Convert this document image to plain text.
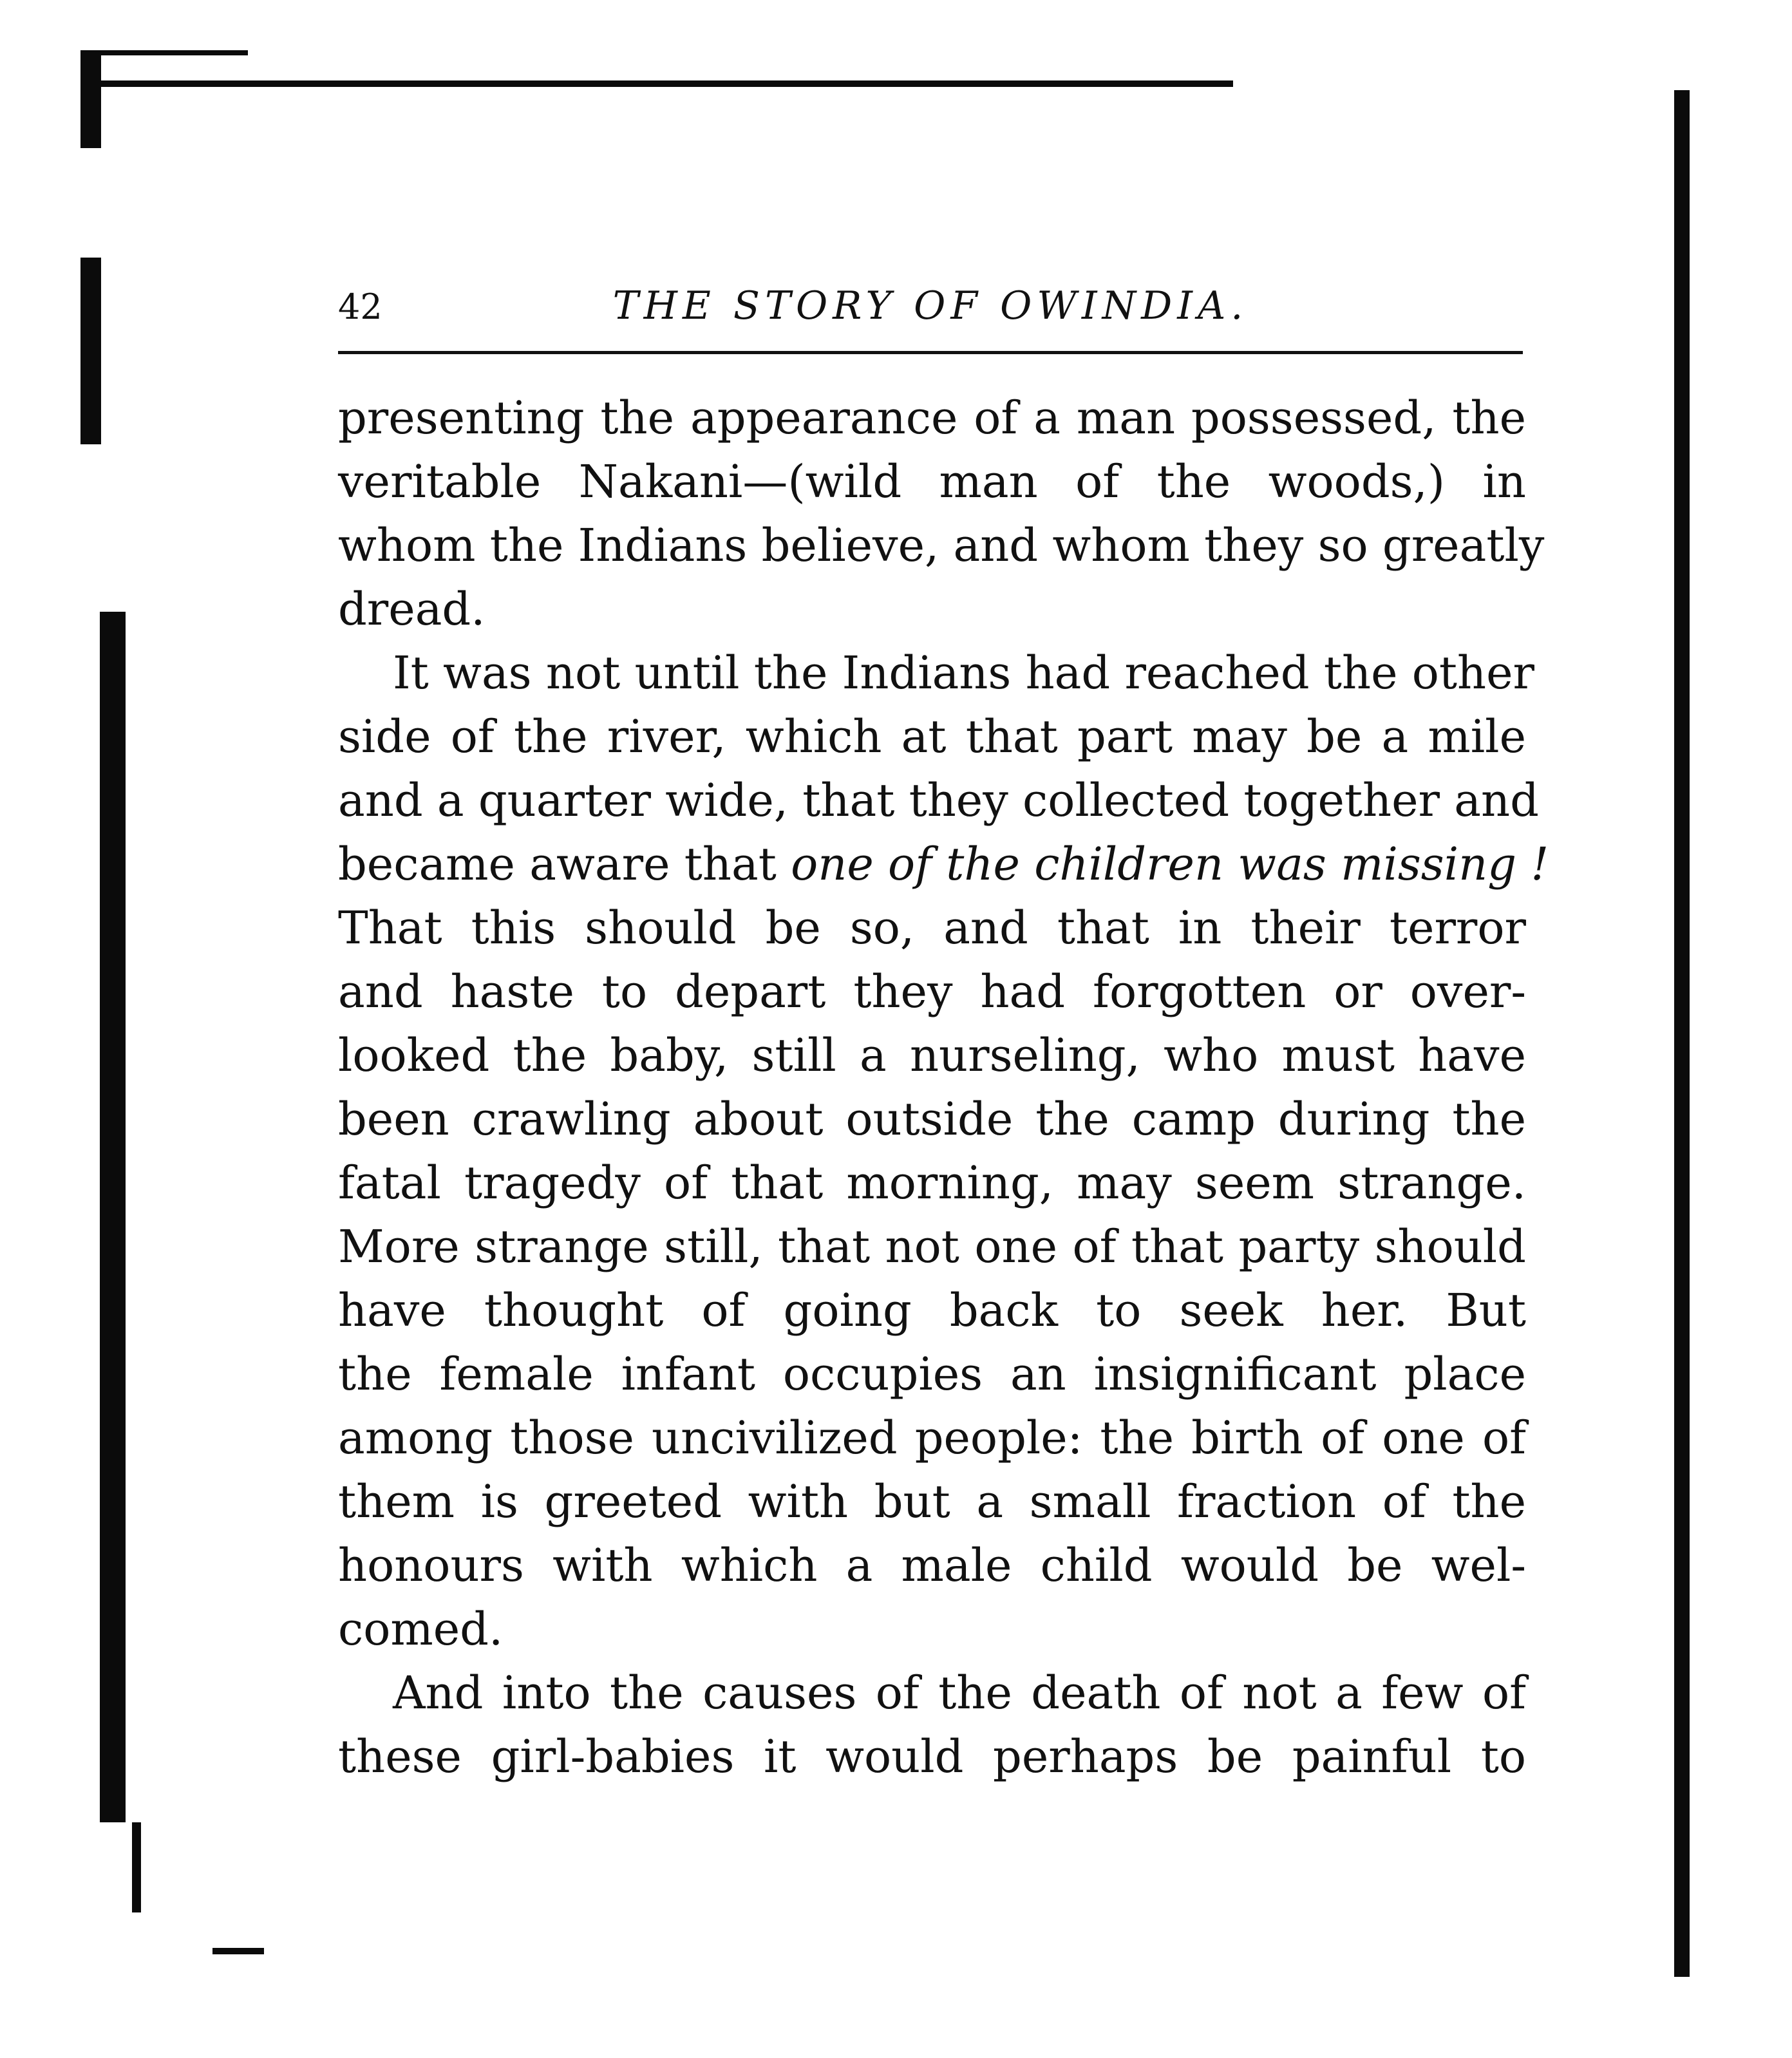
42	THE STORY OF OWINDIA.
presenting the appearance of a man possessed, the
veritable Nakani—(wild man of the woods,) in
whom the Indians believe, and whom they so greatly
dread.
It was not until the Indians had reached the other
side of the river, which at that part may be a mile
and a quarter wide, that they collected together and
became aware that one of the children was missing !
That this should be so, and that in their terror
and haste to depart they had forgotten or over-
looked the baby, still a nurseling, who must have
been crawling about outside the camp during the
fatal tragedy of that morning, may seem strange.
More strange still, that not one of that party should
have thought of going back to seek her. But
the female infant occupies an insignificant place
among those uncivilized people: the birth of one of
them is greeted with but a small fraction of the
honours with which a male child would be wel-
comed.
And into the causes of the death of not a few of
these girl-babies it would perhaps be painful to
